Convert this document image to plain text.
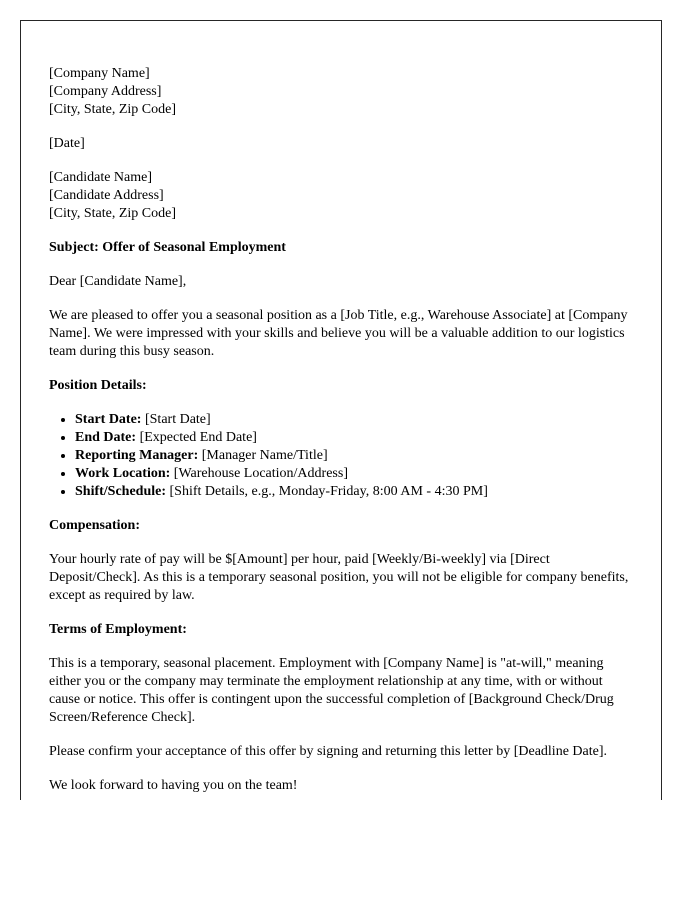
[Company Name]
[Company Address]
[City, State, Zip Code]

[Date]

[Candidate Name]
[Candidate Address]
[City, State, Zip Code]

Subject: Offer of Seasonal Employment

Dear [Candidate Name],

We are pleased to offer you a seasonal position as a [Job Title, e.g., Warehouse Associate] at [Company Name]. We were impressed with your skills and believe you will be a valuable addition to our logistics team during this busy season.

Position Details:

• Start Date: [Start Date]
• End Date: [Expected End Date]
• Reporting Manager: [Manager Name/Title]
• Work Location: [Warehouse Location/Address]
• Shift/Schedule: [Shift Details, e.g., Monday-Friday, 8:00 AM - 4:30 PM]

Compensation:

Your hourly rate of pay will be $[Amount] per hour, paid [Weekly/Bi-weekly] via [Direct Deposit/Check]. As this is a temporary seasonal position, you will not be eligible for company benefits, except as required by law.

Terms of Employment:

This is a temporary, seasonal placement. Employment with [Company Name] is "at-will," meaning either you or the company may terminate the employment relationship at any time, with or without cause or notice. This offer is contingent upon the successful completion of [Background Check/Drug Screen/Reference Check].

Please confirm your acceptance of this offer by signing and returning this letter by [Deadline Date].

We look forward to having you on the team!
